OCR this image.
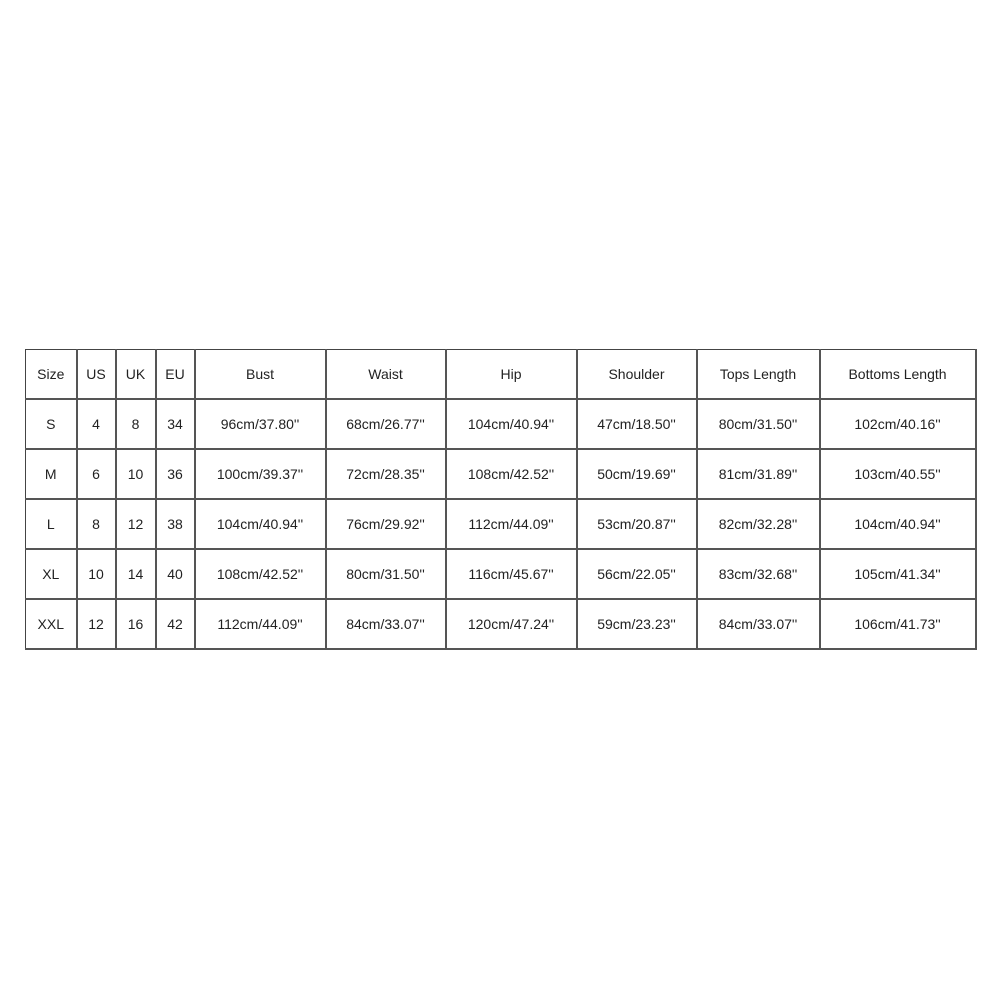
Size	US	UK	EU	Bust	Waist	Hip	Shoulder	Tops Length	Bottoms Length
S	4	8	34	96cm/37.80''	68cm/26.77''	104cm/40.94''	47cm/18.50''	80cm/31.50''	102cm/40.16''
M	6	10	36	100cm/39.37''	72cm/28.35''	108cm/42.52''	50cm/19.69''	81cm/31.89''	103cm/40.55''
L	8	12	38	104cm/40.94''	76cm/29.92''	112cm/44.09''	53cm/20.87''	82cm/32.28''	104cm/40.94''
XL	10	14	40	108cm/42.52''	80cm/31.50''	116cm/45.67''	56cm/22.05''	83cm/32.68''	105cm/41.34''
XXL	12	16	42	112cm/44.09''	84cm/33.07''	120cm/47.24''	59cm/23.23''	84cm/33.07''	106cm/41.73''
